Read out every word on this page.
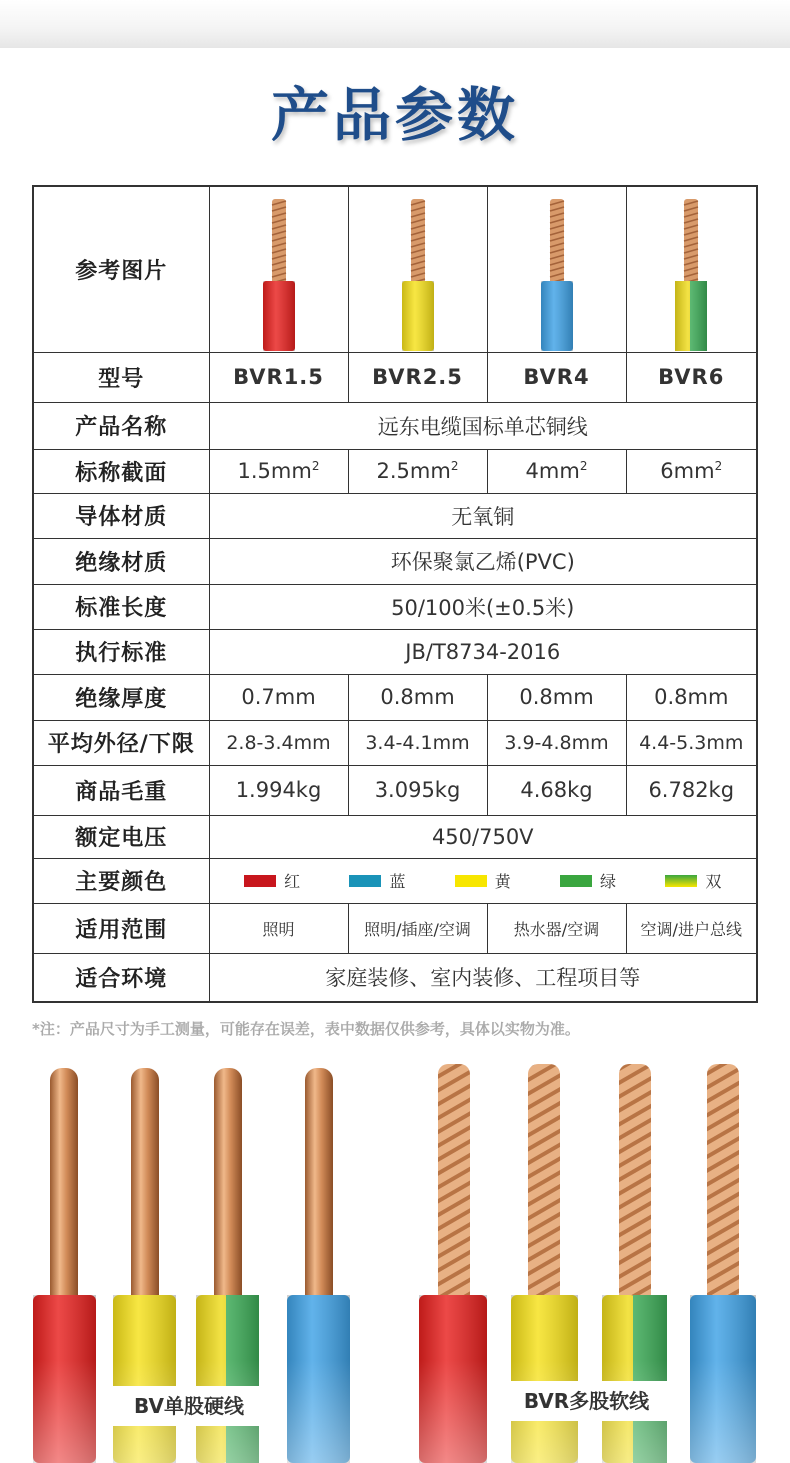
产品参数
参考图片	

型号	BVR1.5	BVR2.5	BVR4	BVR6
产品名称	远东电缆国标单芯铜线			
标称截面	$1.5mm^2$	$2.5mm^2$	$4mm^2$	$6mm^2$
导体材质	无氧铜			
绝缘材质	环保聚氯乙烯(PVC)			
标准长度	50/100米(±0.5米)			
执行标准	JB/T8734-2016			
绝缘厚度	0.7mm	0.8mm	0.8mm	0.8mm
平均外径/下限	2.8-3.4mm	3.4-4.1mm	3.9-4.8mm	4.4-5.3mm
商品毛重	1.994kg	3.095kg	4.68kg	6.782kg
额定电压	450/750V			
主要颜色	红 蓝 黄 绿 双			

适用范围	照明	照明/插座/空调	热水器/空调	空调/进户总线
适合环境	家庭装修、室内装修、工程项目等			
*注：产品尺寸为手工测量，可能存在误差，表中数据仅供参考，具体以实物为准。
BV单股硬线	BVR多股软线
